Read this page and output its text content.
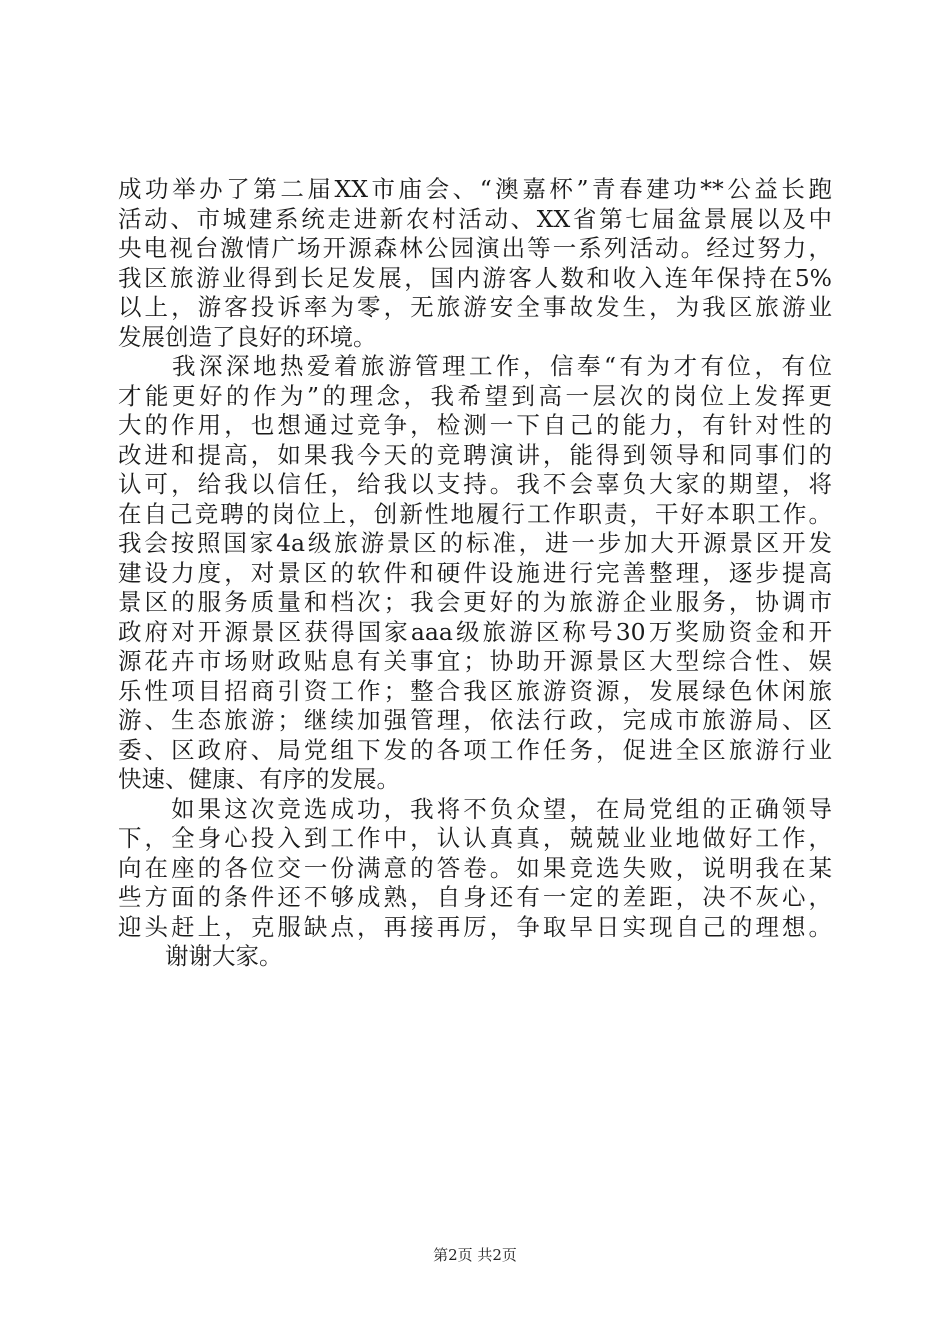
成功举办了第二届XX市庙会、“澳嘉杯”青春建功**公益长跑
活动、市城建系统走进新农村活动、XX省第七届盆景展以及中
央电视台激情广场开源森林公园演出等一系列活动。经过努力，
我区旅游业得到长足发展，国内游客人数和收入连年保持在5%
以上，游客投诉率为零，无旅游安全事故发生，为我区旅游业
发展创造了良好的环境。
　　我深深地热爱着旅游管理工作，信奉“有为才有位，有位
才能更好的作为”的理念，我希望到高一层次的岗位上发挥更
大的作用，也想通过竞争，检测一下自己的能力，有针对性的
改进和提高，如果我今天的竞聘演讲，能得到领导和同事们的
认可，给我以信任，给我以支持。我不会辜负大家的期望，将
在自己竞聘的岗位上，创新性地履行工作职责，干好本职工作。
我会按照国家4a级旅游景区的标准，进一步加大开源景区开发
建设力度，对景区的软件和硬件设施进行完善整理，逐步提高
景区的服务质量和档次；我会更好的为旅游企业服务，协调市
政府对开源景区获得国家aaa级旅游区称号30万奖励资金和开
源花卉市场财政贴息有关事宜；协助开源景区大型综合性、娱
乐性项目招商引资工作；整合我区旅游资源，发展绿色休闲旅
游、生态旅游；继续加强管理，依法行政，完成市旅游局、区
委、区政府、局党组下发的各项工作任务，促进全区旅游行业
快速、健康、有序的发展。
　　如果这次竞选成功，我将不负众望，在局党组的正确领导
下，全身心投入到工作中，认认真真，兢兢业业地做好工作，
向在座的各位交一份满意的答卷。如果竞选失败，说明我在某
些方面的条件还不够成熟，自身还有一定的差距，决不灰心，
迎头赶上，克服缺点，再接再厉，争取早日实现自己的理想。
　　谢谢大家。
第2页 共2页
